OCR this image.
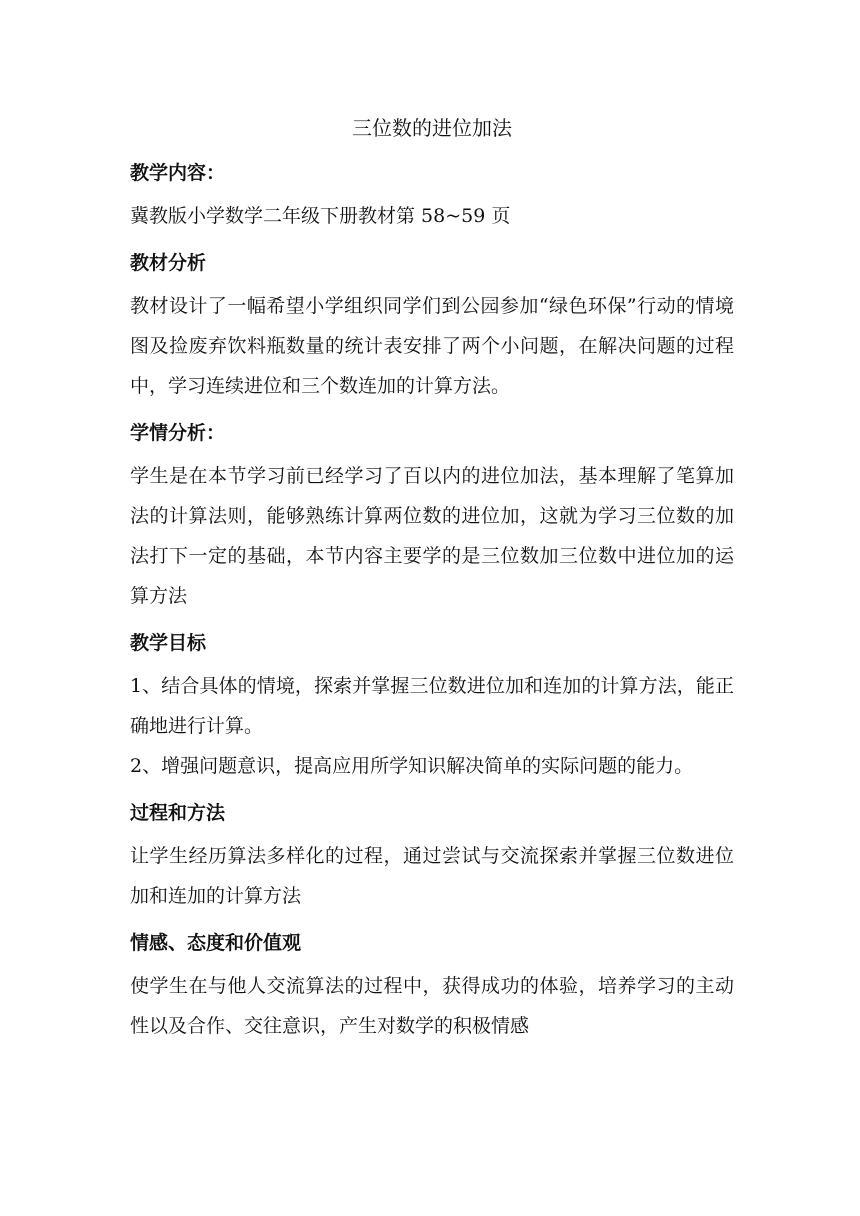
三位数的进位加法
教学内容：

冀教版小学数学二年级下册教材第 58~59 页

教材分析

教材设计了一幅希望小学组织同学们到公园参加“绿色环保”行动的情境图及捡废弃饮料瓶数量的统计表安排了两个小问题，在解决问题的过程中，学习连续进位和三个数连加的计算方法。

学情分析：

学生是在本节学习前已经学习了百以内的进位加法，基本理解了笔算加法的计算法则，能够熟练计算两位数的进位加，这就为学习三位数的加法打下一定的基础，本节内容主要学的是三位数加三位数中进位加的运算方法

教学目标

1、结合具体的情境，探索并掌握三位数进位加和连加的计算方法，能正确地进行计算。

2、增强问题意识，提高应用所学知识解决简单的实际问题的能力。

过程和方法

让学生经历算法多样化的过程，通过尝试与交流探索并掌握三位数进位加和连加的计算方法

情感、态度和价值观

使学生在与他人交流算法的过程中，获得成功的体验，培养学习的主动性以及合作、交往意识，产生对数学的积极情感
